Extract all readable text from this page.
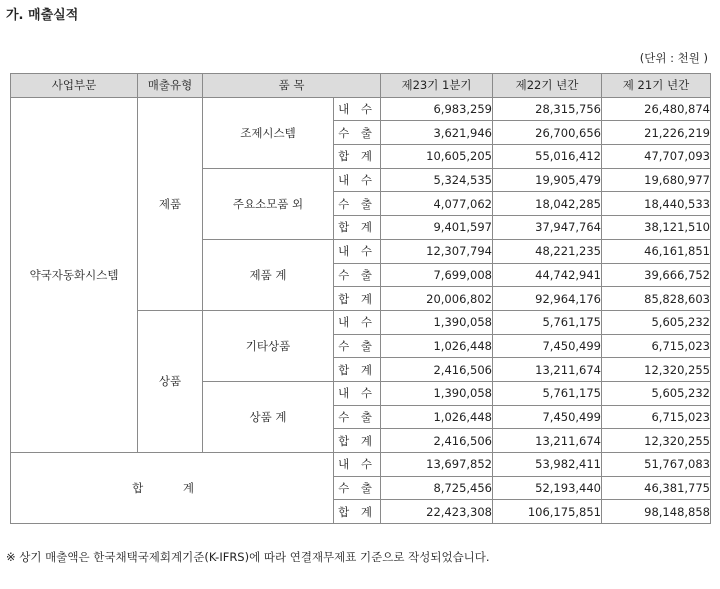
가. 매출실적
(단위 : 천원 )
사업부문	매출유형	품 목		제23기 1분기	제22기 년간	제 21기 년간
약국자동화시스템	제품	조제시스템	내 수	6,983,259	28,315,756	26,480,874
			수 출	3,621,946	26,700,656	21,226,219
			합 계	10,605,205	55,016,412	47,707,093
		주요소모품 외	내 수	5,324,535	19,905,479	19,680,977
			수 출	4,077,062	18,042,285	18,440,533
			합 계	9,401,597	37,947,764	38,121,510
		제품 계	내 수	12,307,794	48,221,235	46,161,851
			수 출	7,699,008	44,742,941	39,666,752
			합 계	20,006,802	92,964,176	85,828,603
	상품	기타상품	내 수	1,390,058	5,761,175	5,605,232
			수 출	1,026,448	7,450,499	6,715,023
			합 계	2,416,506	13,211,674	12,320,255
		상품 계	내 수	1,390,058	5,761,175	5,605,232
			수 출	1,026,448	7,450,499	6,715,023
			합 계	2,416,506	13,211,674	12,320,255
합 계			내 수	13,697,852	53,982,411	51,767,083
			수 출	8,725,456	52,193,440	46,381,775
			합 계	22,423,308	106,175,851	98,148,858
※ 상기 매출액은 한국채택국제회계기준(K-IFRS)에 따라 연결재무제표 기준으로 작성되었습니다.
